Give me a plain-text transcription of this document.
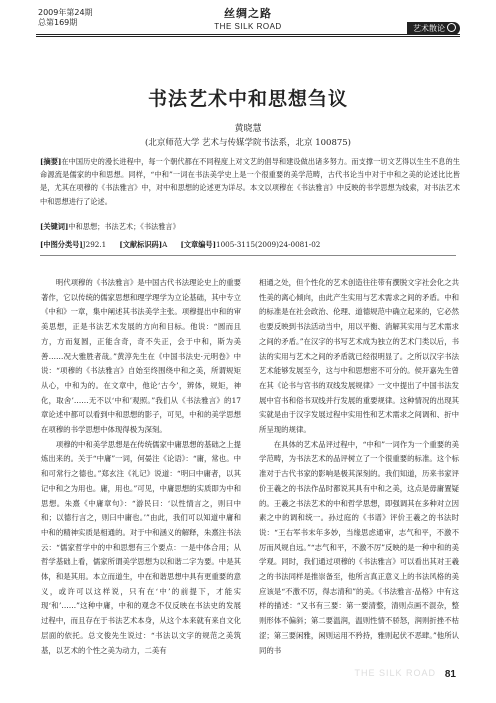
2009年第24期
总第169期
丝绸之路
THE SILK ROAD	艺术散论
书法艺术中和思想刍议
黄晓慧
(北京师范大学 艺术与传媒学院书法系，北京 100875)
[摘要]在中国历史的漫长进程中，每一个朝代都在不同程度上对文艺的倡导和建设做出诸多努力。而支撑一切文艺得以生生不息的生命源流是儒家的中和思想。同样，“中和”一词在书法美学史上是一个很重要的美学范畴，古代书论当中对于中和之美的论述比比皆是，尤其在项穆的《书法雅言》中，对中和思想的论述更为详尽。本文以项穆在《书法雅言》中反映的书学思想为线索，对书法艺术中和思想进行了论述。
[关键词]中和思想；书法艺术；《书法雅言》
[中图分类号]J292.1 [文献标识码]A [文章编号]1005-3115(2009)24-0081-02

明代项穆的《书法雅言》是中国古代书法理论史上的重要著作，它以传统的儒家思想和理学理学为立论基础，其中专立《中和》一章，集中阐述其书法美学主张。项穆提出中和的审美思想，正是书法艺术发展的方向和目标。他说：“圆而且方，方而复圆，正能含奇，奇不失正，会于中和，斯为美善……况大雅胜者哉。”黄淳先生在《中国书法史·元明卷》中说：“项穆的《书法雅言》自始至终围绕中和之美，所谓规矩从心，中和为的。在文章中，他论‘古今’，辨体，规矩，神化，取舍’……无不以‘中和’观照。”我们从《书法雅言》的17章论述中都可以看到中和思想的影子，可见，中和的美学思想在项穆的书学思想中体现得极为深刻。

项穆的中和美学思想是在传统儒家中庸思想的基础之上提炼出来的。关于“中庸”一词，何晏注《论语》：“庸，常也。中和可常行之德也。”郑玄注《礼记》说道：“明曰中庸者，以其记中和之为用也。庸，用也。”可见，中庸思想的实质即为中和思想。朱熹《中庸章句》：“游民曰：‘以性情言之，则曰中和；以德行言之，则曰中庸也。’”由此，我们可以知道中庸和中和的精神实质是相通的。对于中和涵义的解释，朱熹注书法云：“儒家哲学中的中和思想有三个要点：一是中体合用；从哲学基础上看，儒家所谓美学思想为以和谐二字为要。中是其体，和是其用。本立而道生，中在和谐思想中具有更重要的意义，或许可以这样说，只有在‘中’的前提下，才能实现‘和’……”这种中庸，中和的观念不仅反映在书法史的发展过程中，而且存在于书法艺术本身，从这个本来就有来自文化层面的依托。总文俊先生说过：“书法以文字的规范之美筑基，以艺术的个性之美为动力，二美有

相通之处，但个性化的艺术创造往往带有撰脱文字社会化之共性美的离心倾向，由此产生实用与艺术需求之间的矛盾。中和的标准是在社会政治、伦理、道德规范中确立起来的，它必然也要反映到书法活动当中，用以平衡、消解其实用与艺术需求之间的矛盾。”在汉字的书写艺术成为独立的艺术门类以后，书法的实用与艺术之间的矛盾就已经很明显了。之所以汉字书法艺术能够发展至今，这与中和思想密不可分的。侯开嘉先生曾在其《论书与官书的双线发展规律》一文中提出了中国书法发展中官书和俗书双线并行发展的重要规律。这种情况的出现其实就是由于汉字发展过程中实用性和艺术需求之间调和、折中所呈现的规律。

在具体的艺术品评过程中，“中和”一词作为一个重要的美学范畴，为书法艺术的品评树立了一个很重要的标准。这个标准对于古代书家的影响是极其深刻的。我们知道，历来书家评价王羲之的书法作品时都说其具有中和之美，这点是毋庸置疑的。王羲之书法艺术的中和哲学思想，即强调其在多种对立因素之中的调和统一。孙过庭的《书谱》评价王羲之的书法时说：“王右军书末年多妙，当缘思虑通审，志气和平，不激不厉而风规自远。”“志气和平，不激不厉”反映的是一种中和的美学观。同时，我们通过项穆的《书法雅言》可以看出其对王羲之的书法同样是推崇备至，他所言真正意义上的书法风格的美应该是“不激不厉，得志清和”的美。《书法雅言·品格》中有这样的描述：“又书有三要：第一要清整，清则点画不混杂，整则形体不偏斜；第二要温润，温则性情不骄怒，润则折挫不枯涩；第三要闲雅，闲则运用不矜持，雅则起伏不恶肆。”他所认同的书

THE SILK ROAD 81
